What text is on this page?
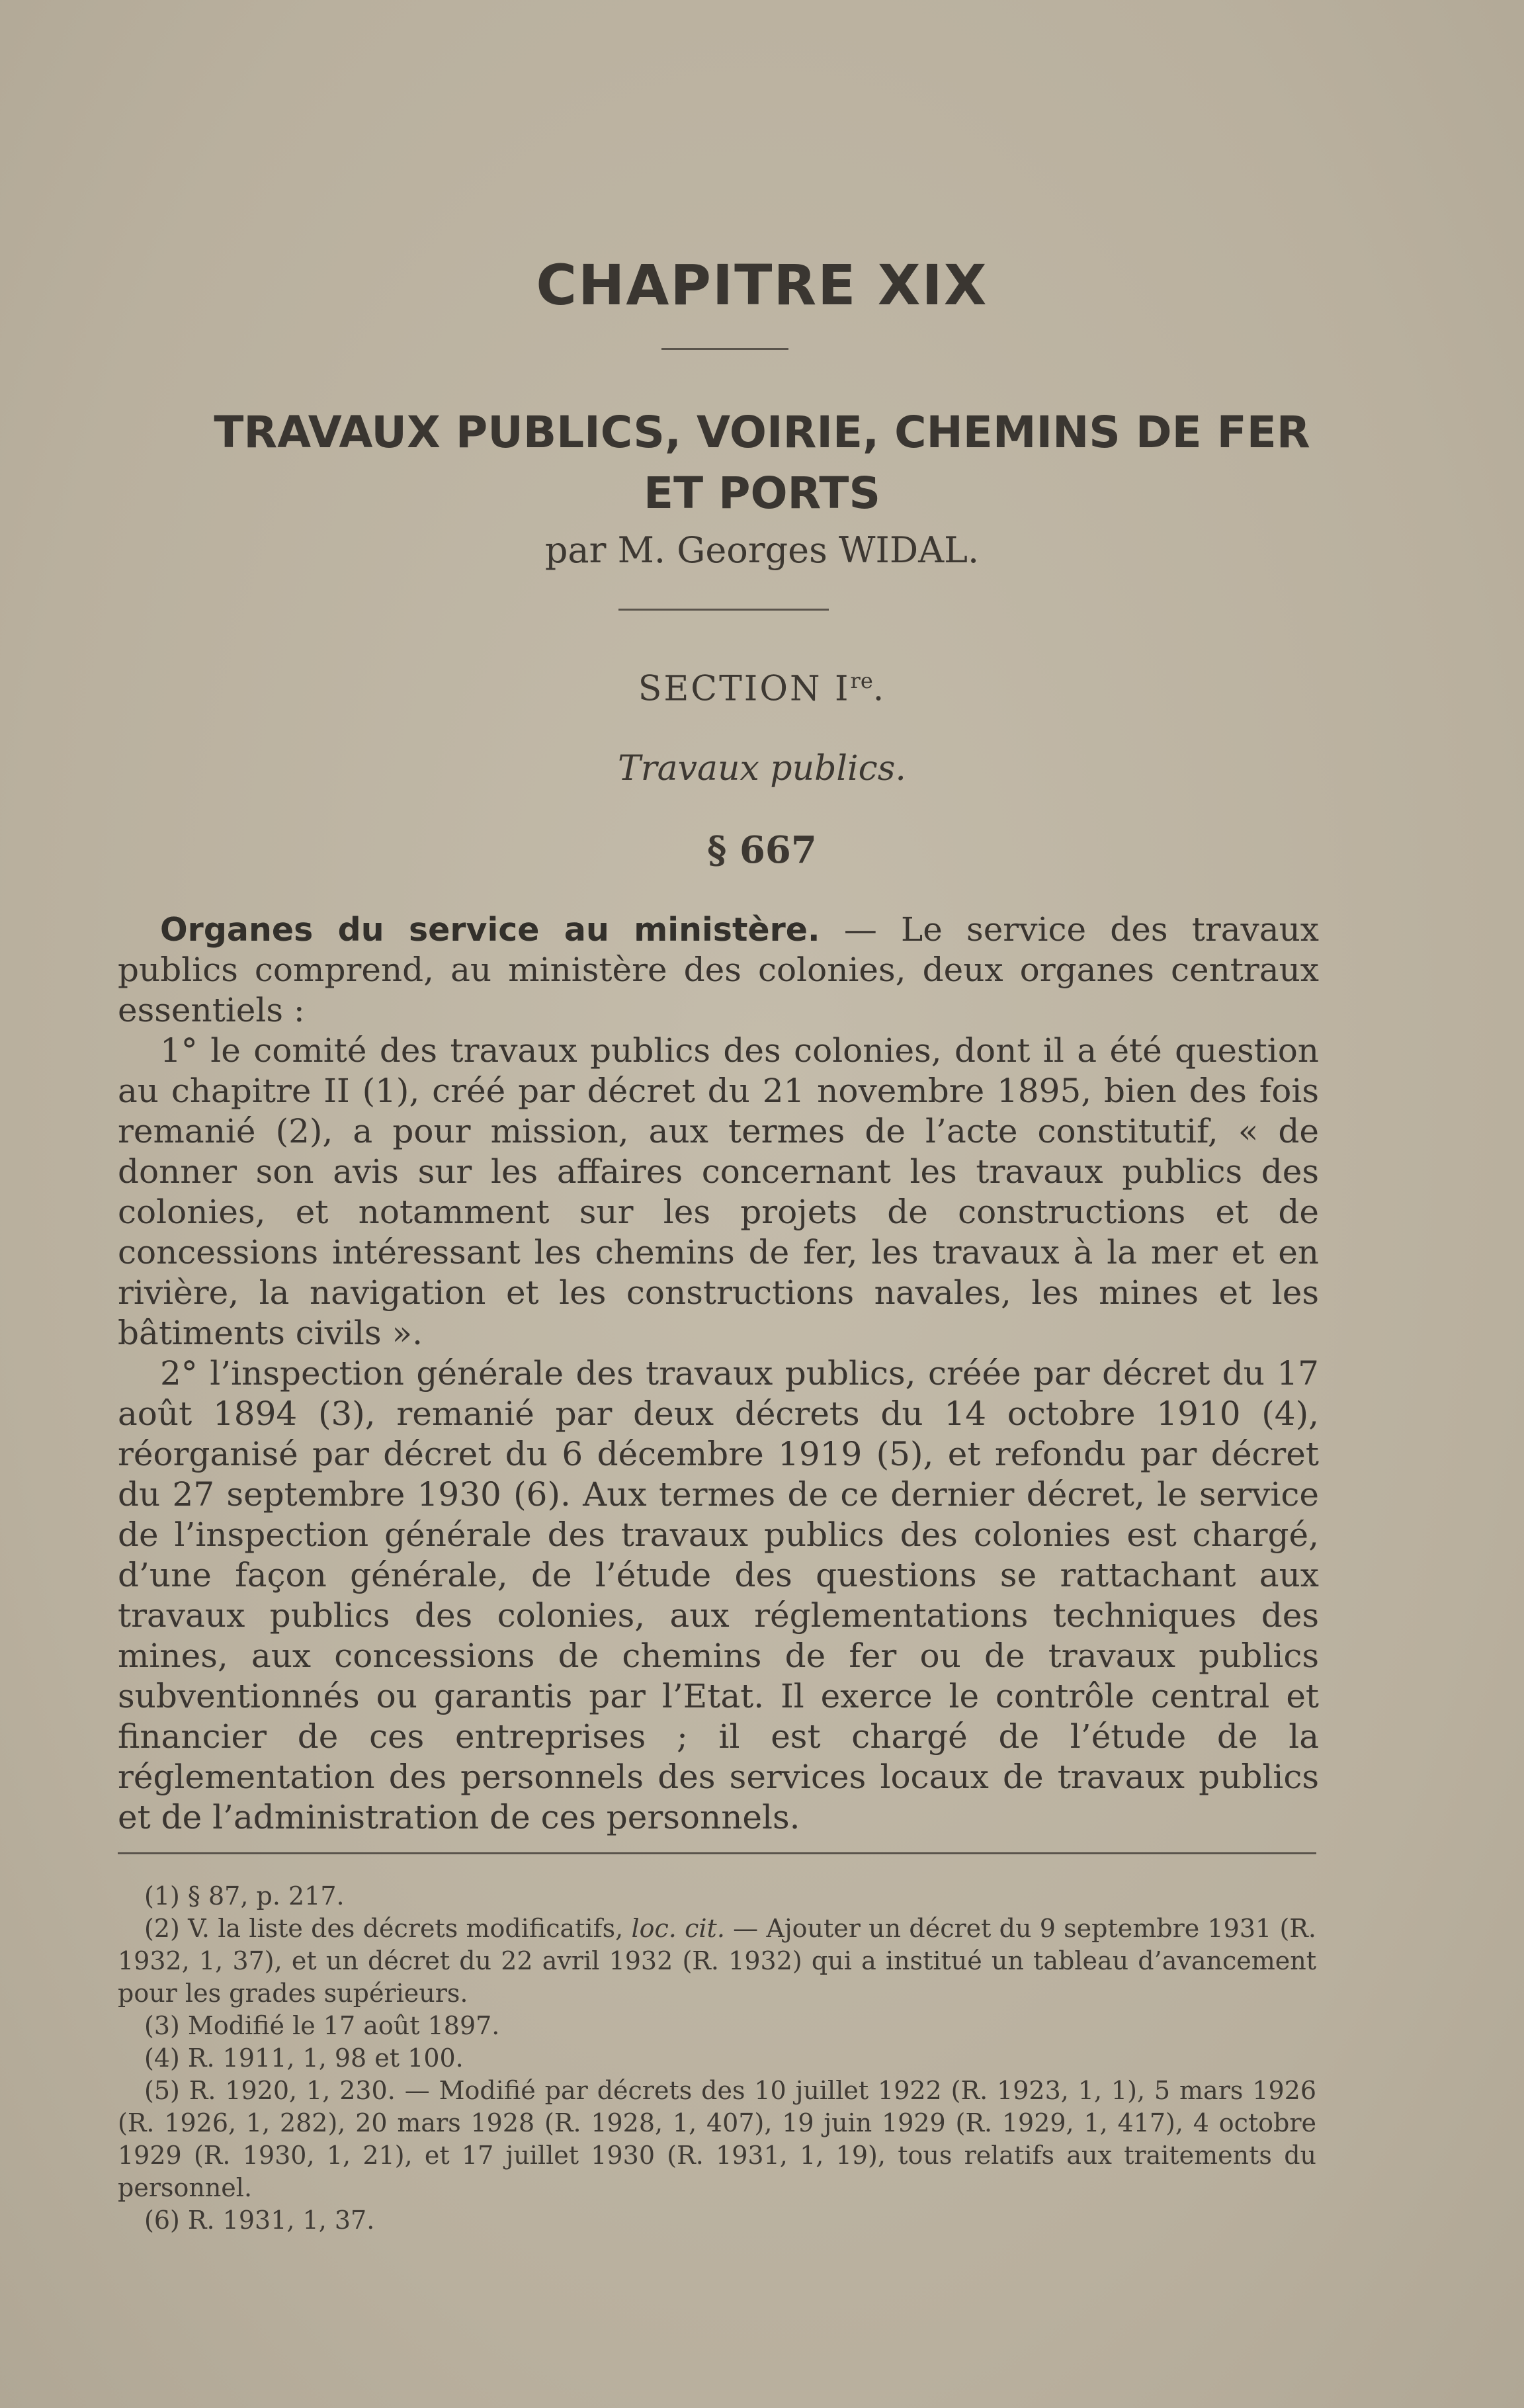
CHAPITRE XIX
TRAVAUX PUBLICS, VOIRIE, CHEMINS DE FER
ET PORTS
par M. Georges WIDAL.
SECTION Ire.
Travaux publics.
§ 667

Organes du service au ministère. — Le service des travaux publics comprend, au ministère des colonies, deux organes centraux essentiels :

1° le comité des travaux publics des colonies, dont il a été question au chapitre II (1), créé par décret du 21 novembre 1895, bien des fois remanié (2), a pour mission, aux termes de l’acte constitutif, « de donner son avis sur les affaires concernant les travaux publics des colonies, et notamment sur les projets de constructions et de concessions intéressant les chemins de fer, les travaux à la mer et en rivière, la navigation et les constructions navales, les mines et les bâtiments civils ».

2° l’inspection générale des travaux publics, créée par décret du 17 août 1894 (3), remanié par deux décrets du 14 octobre 1910 (4), réorganisé par décret du 6 décembre 1919 (5), et refondu par décret du 27 septembre 1930 (6). Aux termes de ce dernier décret, le service de l’inspection générale des travaux publics des colonies est chargé, d’une façon générale, de l’étude des questions se rattachant aux travaux publics des colonies, aux réglementations techniques des mines, aux concessions de chemins de fer ou de travaux publics subventionnés ou garantis par l’Etat. Il exerce le contrôle central et financier de ces entreprises ; il est chargé de l’étude de la réglementation des personnels des services locaux de travaux publics et de l’administration de ces personnels.

(1) § 87, p. 217.

(2) V. la liste des décrets modificatifs, loc. cit. — Ajouter un décret du 9 septembre 1931 (R. 1932, 1, 37), et un décret du 22 avril 1932 (R. 1932) qui a institué un tableau d’avancement pour les grades supérieurs.

(3) Modifié le 17 août 1897.

(4) R. 1911, 1, 98 et 100.

(5) R. 1920, 1, 230. — Modifié par décrets des 10 juillet 1922 (R. 1923, 1, 1), 5 mars 1926 (R. 1926, 1, 282), 20 mars 1928 (R. 1928, 1, 407), 19 juin 1929 (R. 1929, 1, 417), 4 octobre 1929 (R. 1930, 1, 21), et 17 juillet 1930 (R. 1931, 1, 19), tous relatifs aux traitements du personnel.

(6) R. 1931, 1, 37.
